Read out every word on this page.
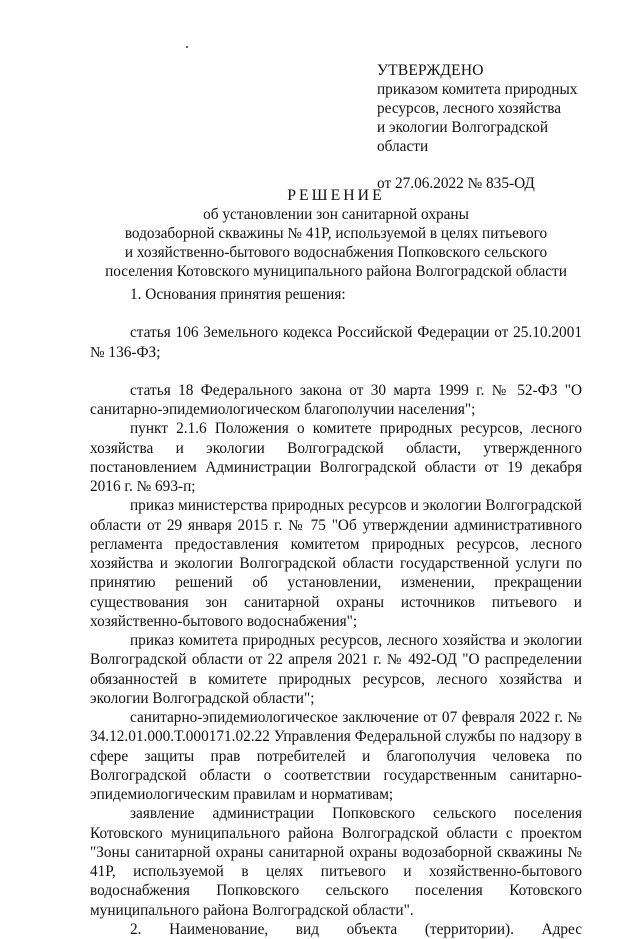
УТВЕРЖДЕНО
приказом комитета природных
ресурсов, лесного хозяйства
и экологии Волгоградской
области
от 27.06.2022 № 835-ОД
РЕШЕНИЕ
об установлении зон санитарной охраны
водозаборной скважины № 41Р, используемой в целях питьевого
и хозяйственно-бытового водоснабжения Попковского сельского
поселения Котовского муниципального района Волгоградской области

1. Основания принятия решения:

статья 106 Земельного кодекса Российской Федерации от 25.10.2001 № 136-ФЗ;

статья 18 Федерального закона от 30 марта 1999 г. № 52-ФЗ "О санитарно-эпидемиологическом благополучии населения";

пункт 2.1.6 Положения о комитете природных ресурсов, лесного хозяйства и экологии Волгоградской области, утвержденного постановлением Администрации Волгоградской области от 19 декабря 2016 г. № 693-п;

приказ министерства природных ресурсов и экологии Волгоградской области от 29 января 2015 г. № 75 "Об утверждении административного регламента предоставления комитетом природных ресурсов, лесного хозяйства и экологии Волгоградской области государственной услуги по принятию решений об установлении, изменении, прекращении существования зон санитарной охраны источников питьевого и хозяйственно-бытового водоснабжения";

приказ комитета природных ресурсов, лесного хозяйства и экологии Волгоградской области от 22 апреля 2021 г. № 492-ОД "О распределении обязанностей в комитете природных ресурсов, лесного хозяйства и экологии Волгоградской области";

санитарно-эпидемиологическое заключение от 07 февраля 2022 г. № 34.12.01.000.Т.000171.02.22 Управления Федеральной службы по надзору в сфере защиты прав потребителей и благополучия человека по Волгоградской области о соответствии государственным санитарно-эпидемиологическим правилам и нормативам;

заявление администрации Попковского сельского поселения Котовского муниципального района Волгоградской области с проектом "Зоны санитарной охраны санитарной охраны водозаборной скважины № 41Р, используемой в целях питьевого и хозяйственно-бытового водоснабжения Попковского сельского поселения Котовского муниципального района Волгоградской области".

2. Наименование, вид объекта (территории). Адрес
